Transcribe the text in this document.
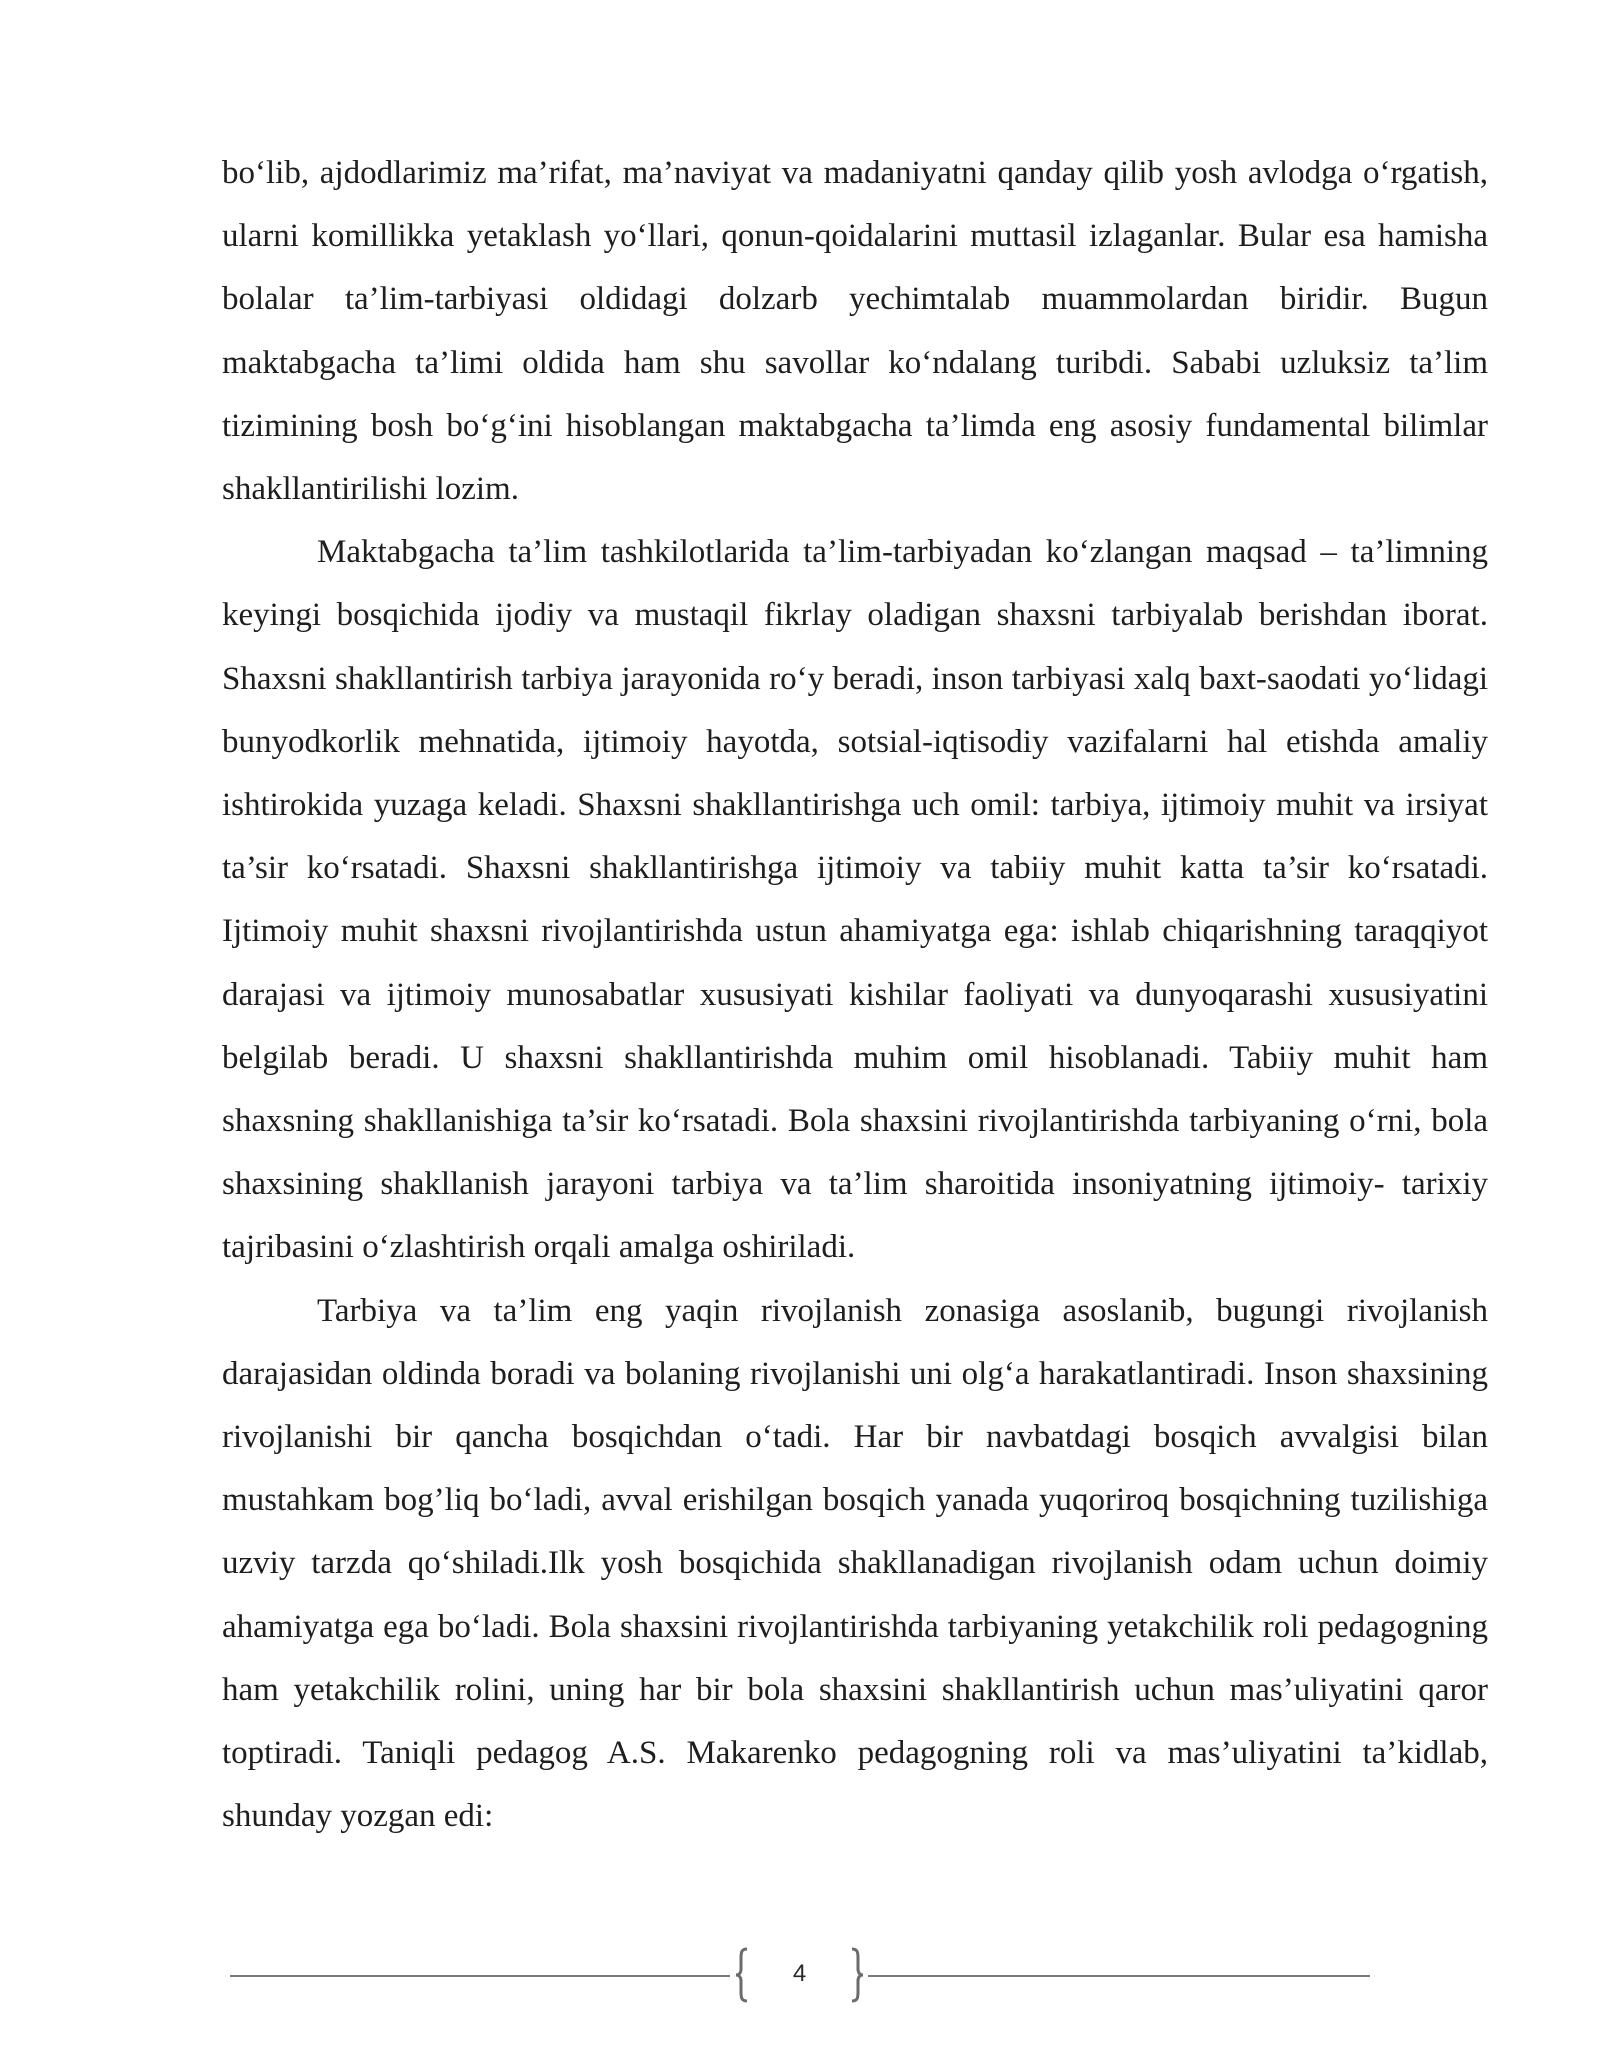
bo‘lib, ajdodlarimiz ma’rifat, ma’naviyat va madaniyatni qanday qilib yosh avlodga o‘rgatish, ularni komillikka yetaklash yo‘llari, qonun-qoidalarini muttasil izlaganlar. Bular esa hamisha bolalar ta’lim-tarbiyasi oldidagi dolzarb yechimtalab muammolardan biridir. Bugun maktabgacha ta’limi oldida ham shu savollar ko‘ndalang turibdi. Sababi uzluksiz ta’lim tizimining bosh bo‘g‘ini hisoblangan maktabgacha ta’limda eng asosiy fundamental bilimlar shakllantirilishi lozim.

Maktabgacha ta’lim tashkilotlarida ta’lim-tarbiyadan ko‘zlangan maqsad – ta’limning keyingi bosqichida ijodiy va mustaqil fikrlay oladigan shaxsni tarbiyalab berishdan iborat. Shaxsni shakllantirish tarbiya jarayonida ro‘y beradi, inson tarbiyasi xalq baxt-saodati yo‘lidagi bunyodkorlik mehnatida, ijtimoiy hayotda, sotsial-iqtisodiy vazifalarni hal etishda amaliy ishtirokida yuzaga keladi. Shaxsni shakllantirishga uch omil: tarbiya, ijtimoiy muhit va irsiyat ta’sir ko‘rsatadi. Shaxsni shakllantirishga ijtimoiy va tabiiy muhit katta ta’sir ko‘rsatadi. Ijtimoiy muhit shaxsni rivojlantirishda ustun ahamiyatga ega: ishlab chiqarishning taraqqiyot darajasi va ijtimoiy munosabatlar xususiyati kishilar faoliyati va dunyoqarashi xususiyatini belgilab beradi. U shaxsni shakllantirishda muhim omil hisoblanadi. Tabiiy muhit ham shaxsning shakllanishiga ta’sir ko‘rsatadi. Bola shaxsini rivojlantirishda tarbiyaning o‘rni, bola shaxsining shakllanish jarayoni tarbiya va ta’lim sharoitida insoniyatning ijtimoiy- tarixiy tajribasini o‘zlashtirish orqali amalga oshiriladi.

Tarbiya va ta’lim eng yaqin rivojlanish zonasiga asoslanib, bugungi rivojlanish darajasidan oldinda boradi va bolaning rivojlanishi uni olg‘a harakatlantiradi. Inson shaxsining rivojlanishi bir qancha bosqichdan o‘tadi. Har bir navbatdagi bosqich avvalgisi bilan mustahkam bog’liq bo‘ladi, avval erishilgan bosqich yanada yuqoriroq bosqichning tuzilishiga uzviy tarzda qo‘shiladi.Ilk yosh bosqichida shakllanadigan rivojlanish odam uchun doimiy ahamiyatga ega bo‘ladi. Bola shaxsini rivojlantirishda tarbiyaning yetakchilik roli pedagogning ham yetakchilik rolini, uning har bir bola shaxsini shakllantirish uchun mas’uliyatini qaror toptiradi. Taniqli pedagog A.S. Makarenko pedagogning roli va mas’uliyatini ta’kidlab, shunday yozgan edi:

4
